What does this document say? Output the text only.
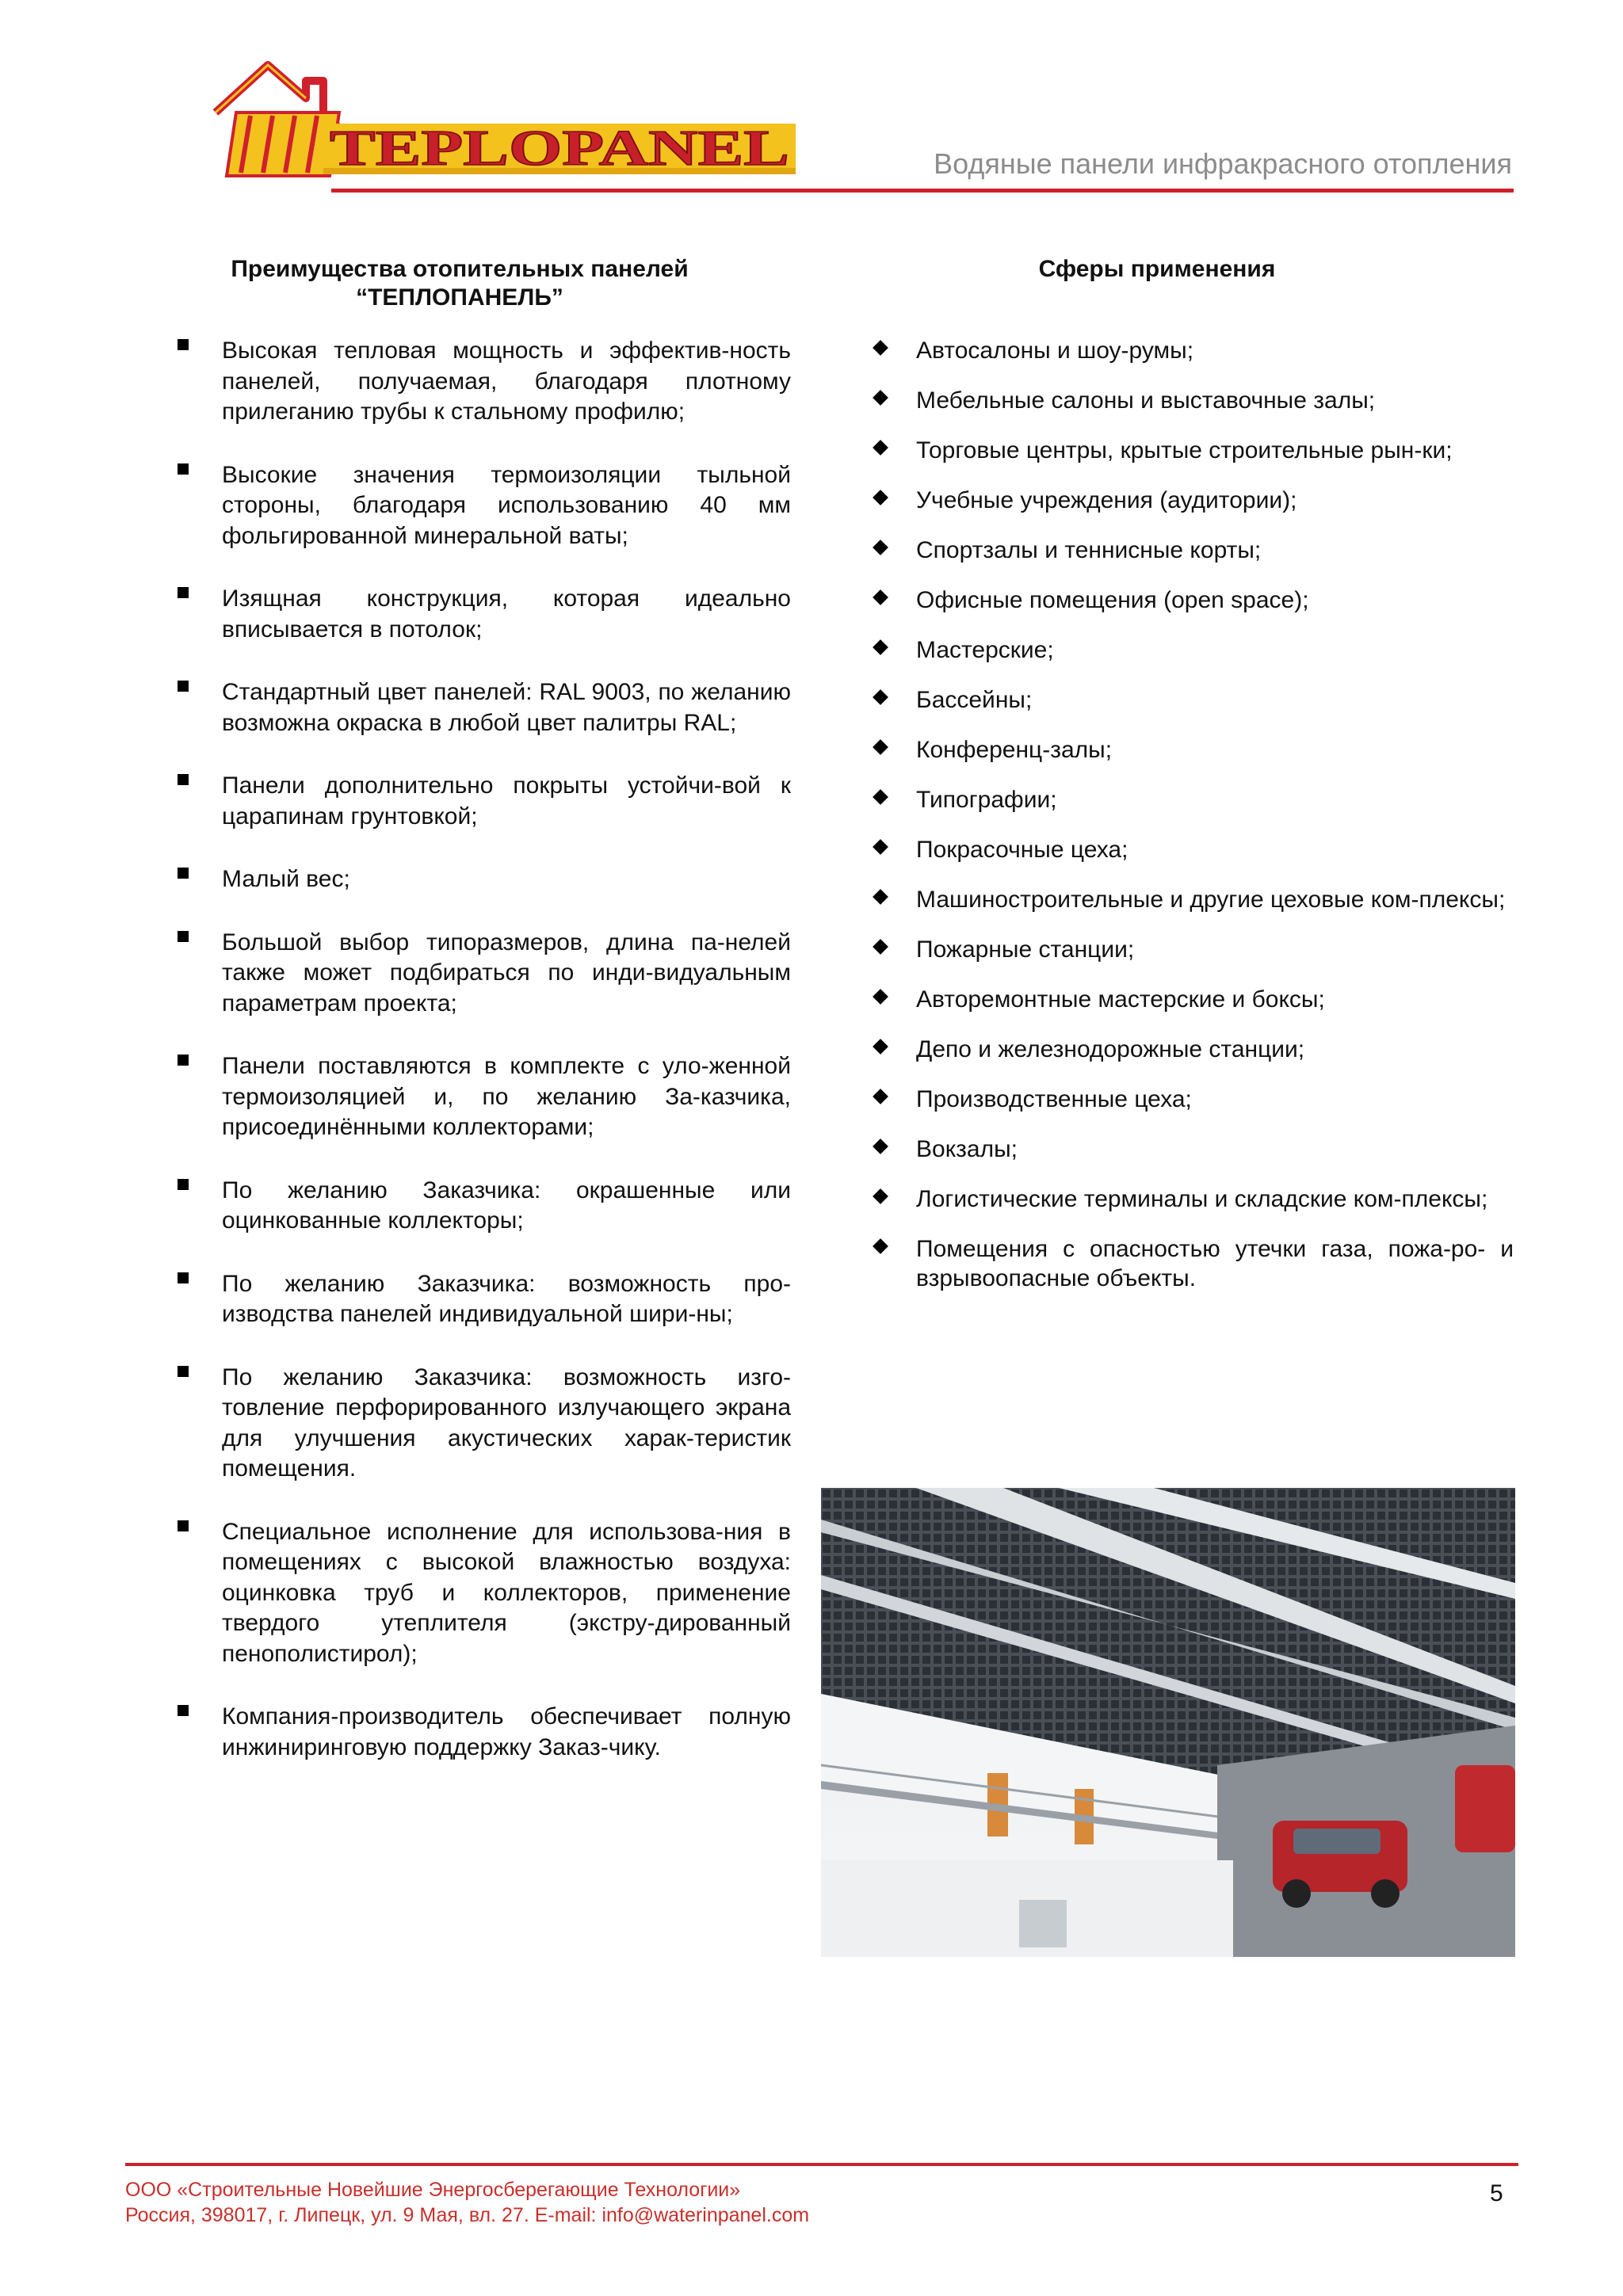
TEPLOPANEL	Водяные панели инфракрасного отопления
Преимущества отопительных панелей
“ТЕПЛОПАНЕЛЬ”
Сферы применения
Высокая тепловая мощность и эффектив-ность панелей, получаемая, благодаря плотному прилеганию трубы к стальному профилю;
Высокие значения термоизоляции тыльной стороны, благодаря использованию 40 мм фольгированной минеральной ваты;
Изящная конструкция, которая идеально вписывается в потолок;
Стандартный цвет панелей: RAL 9003, по желанию возможна окраска в любой цвет палитры RAL;
Панели дополнительно покрыты устойчи-вой к царапинам грунтовкой;
Малый вес;
Большой выбор типоразмеров, длина па-нелей также может подбираться по инди-видуальным параметрам проекта;
Панели поставляются в комплекте с уло-женной термоизоляцией и, по желанию За-казчика, присоединёнными коллекторами;
По желанию Заказчика: окрашенные или оцинкованные коллекторы;
По желанию Заказчика: возможность про-изводства панелей индивидуальной шири-ны;
По желанию Заказчика: возможность изго-товление перфорированного излучающего экрана для улучшения акустических харак-теристик помещения.
Специальное исполнение для использова-ния в помещениях с высокой влажностью воздуха: оцинковка труб и коллекторов, применение твердого утеплителя (экстру-дированный пенополистирол);
Компания-производитель обеспечивает полную инжиниринговую поддержку Заказ-чику.
Автосалоны и шоу-румы;
Мебельные салоны и выставочные залы;
Торговые центры, крытые строительные рын-ки;
Учебные учреждения (аудитории);
Спортзалы и теннисные корты;
Офисные помещения (open space);
Мастерские;
Бассейны;
Конференц-залы;
Типографии;
Покрасочные цеха;
Машиностроительные и другие цеховые ком-плексы;
Пожарные станции;
Авторемонтные мастерские и боксы;
Депо и железнодорожные станции;
Производственные цеха;
Вокзалы;
Логистические терминалы и складские ком-плексы;
Помещения с опасностью утечки газа, пожа-ро- и взрывоопасные объекты.
ООО «Строительные Новейшие Энергосберегающие Технологии»
Россия, 398017, г. Липецк, ул. 9 Мая, вл. 27. E-mail: info@waterinpanel.com
5
